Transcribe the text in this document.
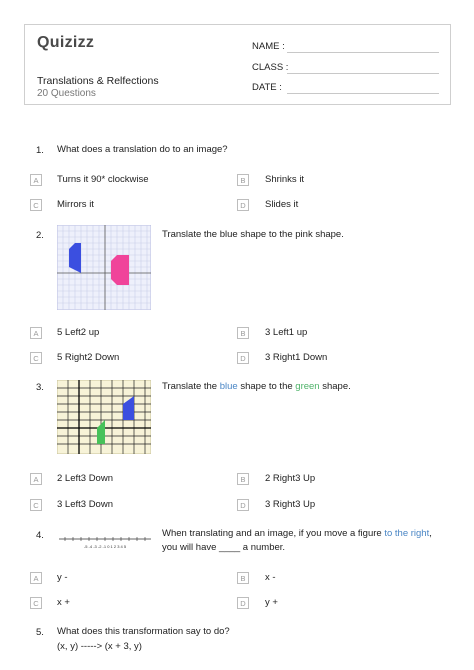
Quizizz
Translations & Relfections
20 Questions
NAME :
CLASS :
DATE :
1. What does a translation do to an image?
A	Turns it 90* clockwise	B	Shrinks it
C	Mirrors it	D	Slides it
2.	Translate the blue shape to the pink shape.
A	5 Left2 up	B	3 Left1 up
C	5 Right2 Down	D	3 Right1 Down
3.	Translate the blue shape to the green shape.
A	2 Left3 Down	B	2 Right3 Up
C	3 Left3 Down	D	3 Right3 Up
4.
-5 -4 -3 -2 -1 0 1 2 3 4 5
When translating and an image, if you move a figure to the right, you will have ____ a number.
A	y -	B	x -
C	x +	D	y +
5. What does this transformation say to do?
(x, y) -----> (x + 3, y)
